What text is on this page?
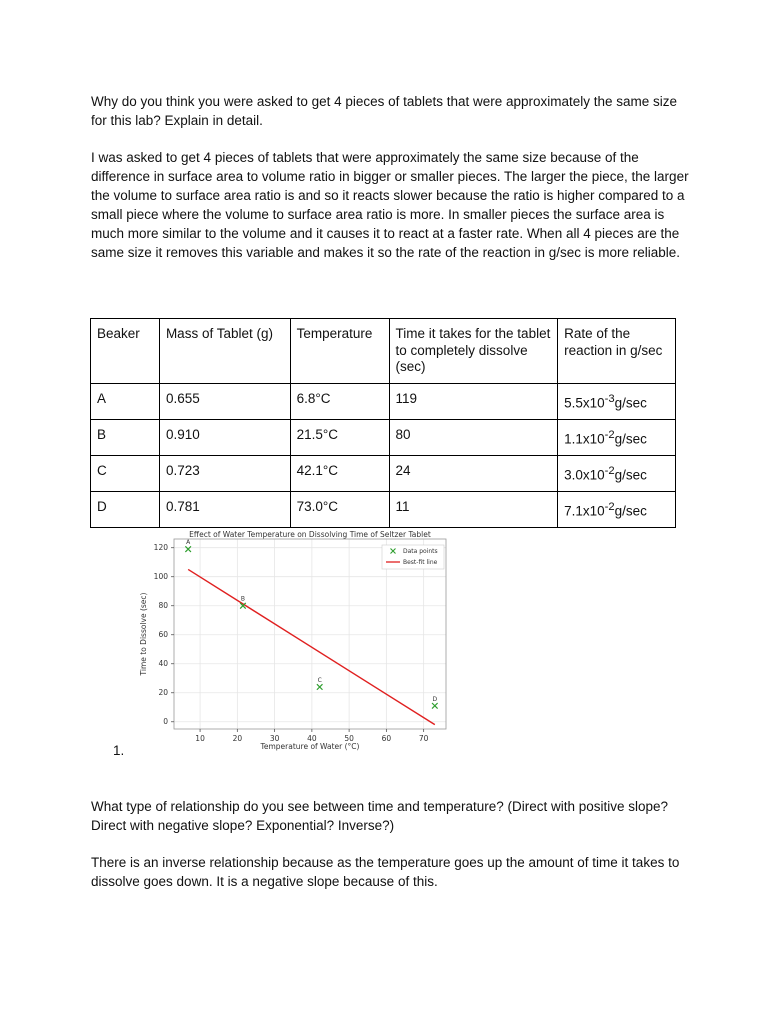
Why do you think you were asked to get 4 pieces of tablets that were approximately the same size for this lab? Explain in detail.

I was asked to get 4 pieces of tablets that were approximately the same size because of the difference in surface area to volume ratio in bigger or smaller pieces. The larger the piece, the larger the volume to surface area ratio is and so it reacts slower because the ratio is higher compared to a small piece where the volume to surface area ratio is more. In smaller pieces the surface area is much more similar to the volume and it causes it to react at a faster rate. When all 4 pieces are the same size it removes this variable and makes it so the rate of the reaction in g/sec is more reliable.

Beaker	Mass of Tablet (g)	Temperature	Time it takes for the tablet to completely dissolve (sec)	Rate of the reaction in g/sec
A	0.655	6.8°C	119	$5.5x10^{-3}g/\sec$
B	0.910	21.5°C	80	$1.1x10^{-2}g/\sec$
C	0.723	42.1°C	24	$3.0x10^{-2}g/\sec$
D	0.781	73.0°C	11	$7.1x10^{-2}g/\sec$
10	20	30	40	50	60	70
0
20
40
60
80
100
120
Effect of Water Temperature on Dissolving Time of Seltzer Tablet
Temperature of Water (°C)
Time to Dissolve (sec)
A
B
C
D
Data points
Best-fit line
1.

What type of relationship do you see between time and temperature? (Direct with positive slope? Direct with negative slope? Exponential? Inverse?)

There is an inverse relationship because as the temperature goes up the amount of time it takes to dissolve goes down. It is a negative slope because of this.
